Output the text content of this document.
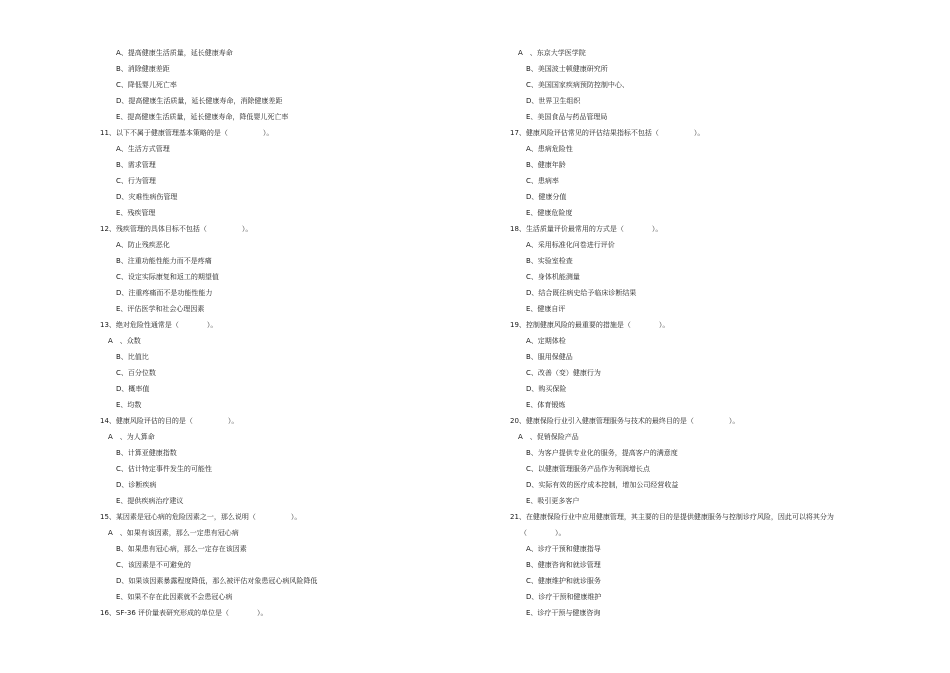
A、提高健康生活质量，延长健康寿命
B、消除健康差距
C、降低婴儿死亡率
D、提高健康生活质量，延长健康寿命，消除健康差距
E、提高健康生活质量，延长健康寿命，降低婴儿死亡率
11、以下不属于健康管理基本策略的是（　　　　　）。
A、生活方式管理
B、需求管理
C、行为管理
D、灾难性病伤管理
E、残疾管理
12、残疾管理的具体目标不包括（　　　　　）。
A、防止残疾恶化
B、注重功能性能力而不是疼痛
C、设定实际康复和返工的期望值
D、注重疼痛而不是功能性能力
E、评估医学和社会心理因素
13、绝对危险性通常是（　　　　）。
A　、众数
B、比值比
C、百分位数
D、概率值
E、均数
14、健康风险评估的目的是（　　　　　）。
A　、为人算命
B、计算亚健康指数
C、估计特定事件发生的可能性
D、诊断疾病
E、提供疾病治疗建议
15、某因素是冠心病的危险因素之一，那么说明（　　　　　）。
A　、如果有该因素，那么一定患有冠心病
B、如果患有冠心病，那么一定存在该因素
C、该因素是不可避免的
D、如果该因素暴露程度降低，那么被评估对象患冠心病风险降低
E、如果不存在此因素就不会患冠心病
16、SF-36 评价量表研究形成的单位是（　　　　）。
A　、东京大学医学院
B、美国波士顿健康研究所
C、美国国家疾病预防控制中心、
D、世界卫生组织
E、美国食品与药品管理局
17、健康风险评估常见的评估结果指标不包括（　　　　　）。
A、患病危险性
B、健康年龄
C、患病率
D、健康分值
E、健康危险度
18、生活质量评价最常用的方式是（　　　　）。
A、采用标准化问卷进行评价
B、实验室检查
C、身体机能测量
D、结合既往病史给予临床诊断结果
E、健康自评
19、控制健康风险的最重要的措施是（　　　　）。
A、定期体检
B、服用保健品
C、改善（变）健康行为
D、购买保险
E、体育锻炼
20、健康保险行业引入健康管理服务与技术的最终目的是（　　　　　）。
A　、促销保险产品
B、为客户提供专业化的服务，提高客户的满意度
C、以健康管理服务产品作为利润增长点
D、实际有效的医疗成本控制，增加公司经营收益
E、吸引更多客户
21、在健康保险行业中应用健康管理，其主要的目的是提供健康服务与控制诊疗风险，因此可以将其分为
（　　　　）。
A、诊疗干预和健康指导
B、健康咨询和就诊管理
C、健康维护和就诊服务
D、诊疗干预和健康维护
E、诊疗干预与健康咨询
